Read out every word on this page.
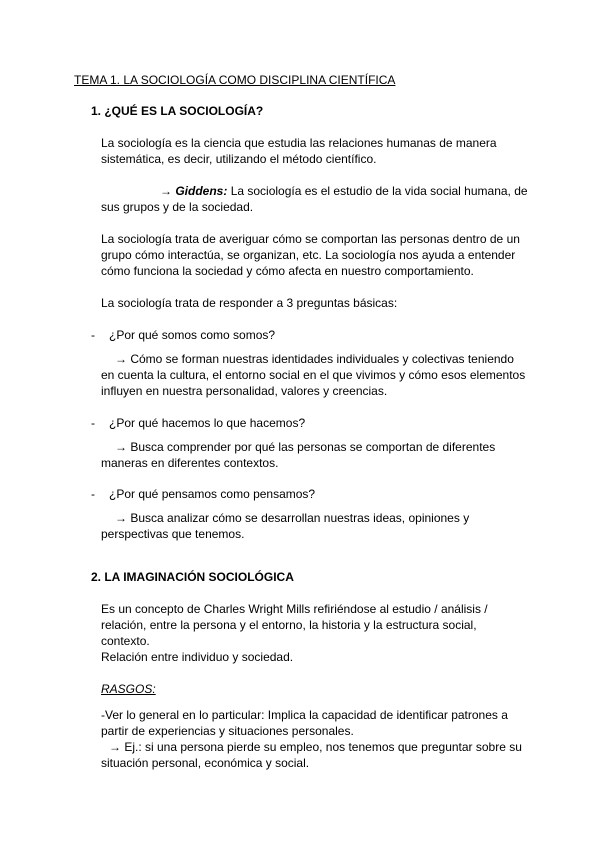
TEMA 1. LA SOCIOLOGÍA COMO DISCIPLINA CIENTÍFICA
1. ¿QUÉ ES LA SOCIOLOGÍA?
La sociología es la ciencia que estudia las relaciones humanas de manera
sistemática, es decir, utilizando el método científico.
→ Giddens: La sociología es el estudio de la vida social humana, de
sus grupos y de la sociedad.
La sociología trata de averiguar cómo se comportan las personas dentro de un
grupo cómo interactúa, se organizan, etc. La sociología nos ayuda a entender
cómo funciona la sociedad y cómo afecta en nuestro comportamiento.
La sociología trata de responder a 3 preguntas básicas:
- ¿Por qué somos como somos?
→ Cómo se forman nuestras identidades individuales y colectivas teniendo
en cuenta la cultura, el entorno social en el que vivimos y cómo esos elementos
influyen en nuestra personalidad, valores y creencias.
- ¿Por qué hacemos lo que hacemos?
→ Busca comprender por qué las personas se comportan de diferentes
maneras en diferentes contextos.
- ¿Por qué pensamos como pensamos?
→ Busca analizar cómo se desarrollan nuestras ideas, opiniones y
perspectivas que tenemos.
2. LA IMAGINACIÓN SOCIOLÓGICA
Es un concepto de Charles Wright Mills refiriéndose al estudio / análisis /
relación, entre la persona y el entorno, la historia y la estructura social,
contexto.
Relación entre individuo y sociedad.
RASGOS:
-Ver lo general en lo particular: Implica la capacidad de identificar patrones a
partir de experiencias y situaciones personales.
→ Ej.: si una persona pierde su empleo, nos tenemos que preguntar sobre su
situación personal, económica y social.
